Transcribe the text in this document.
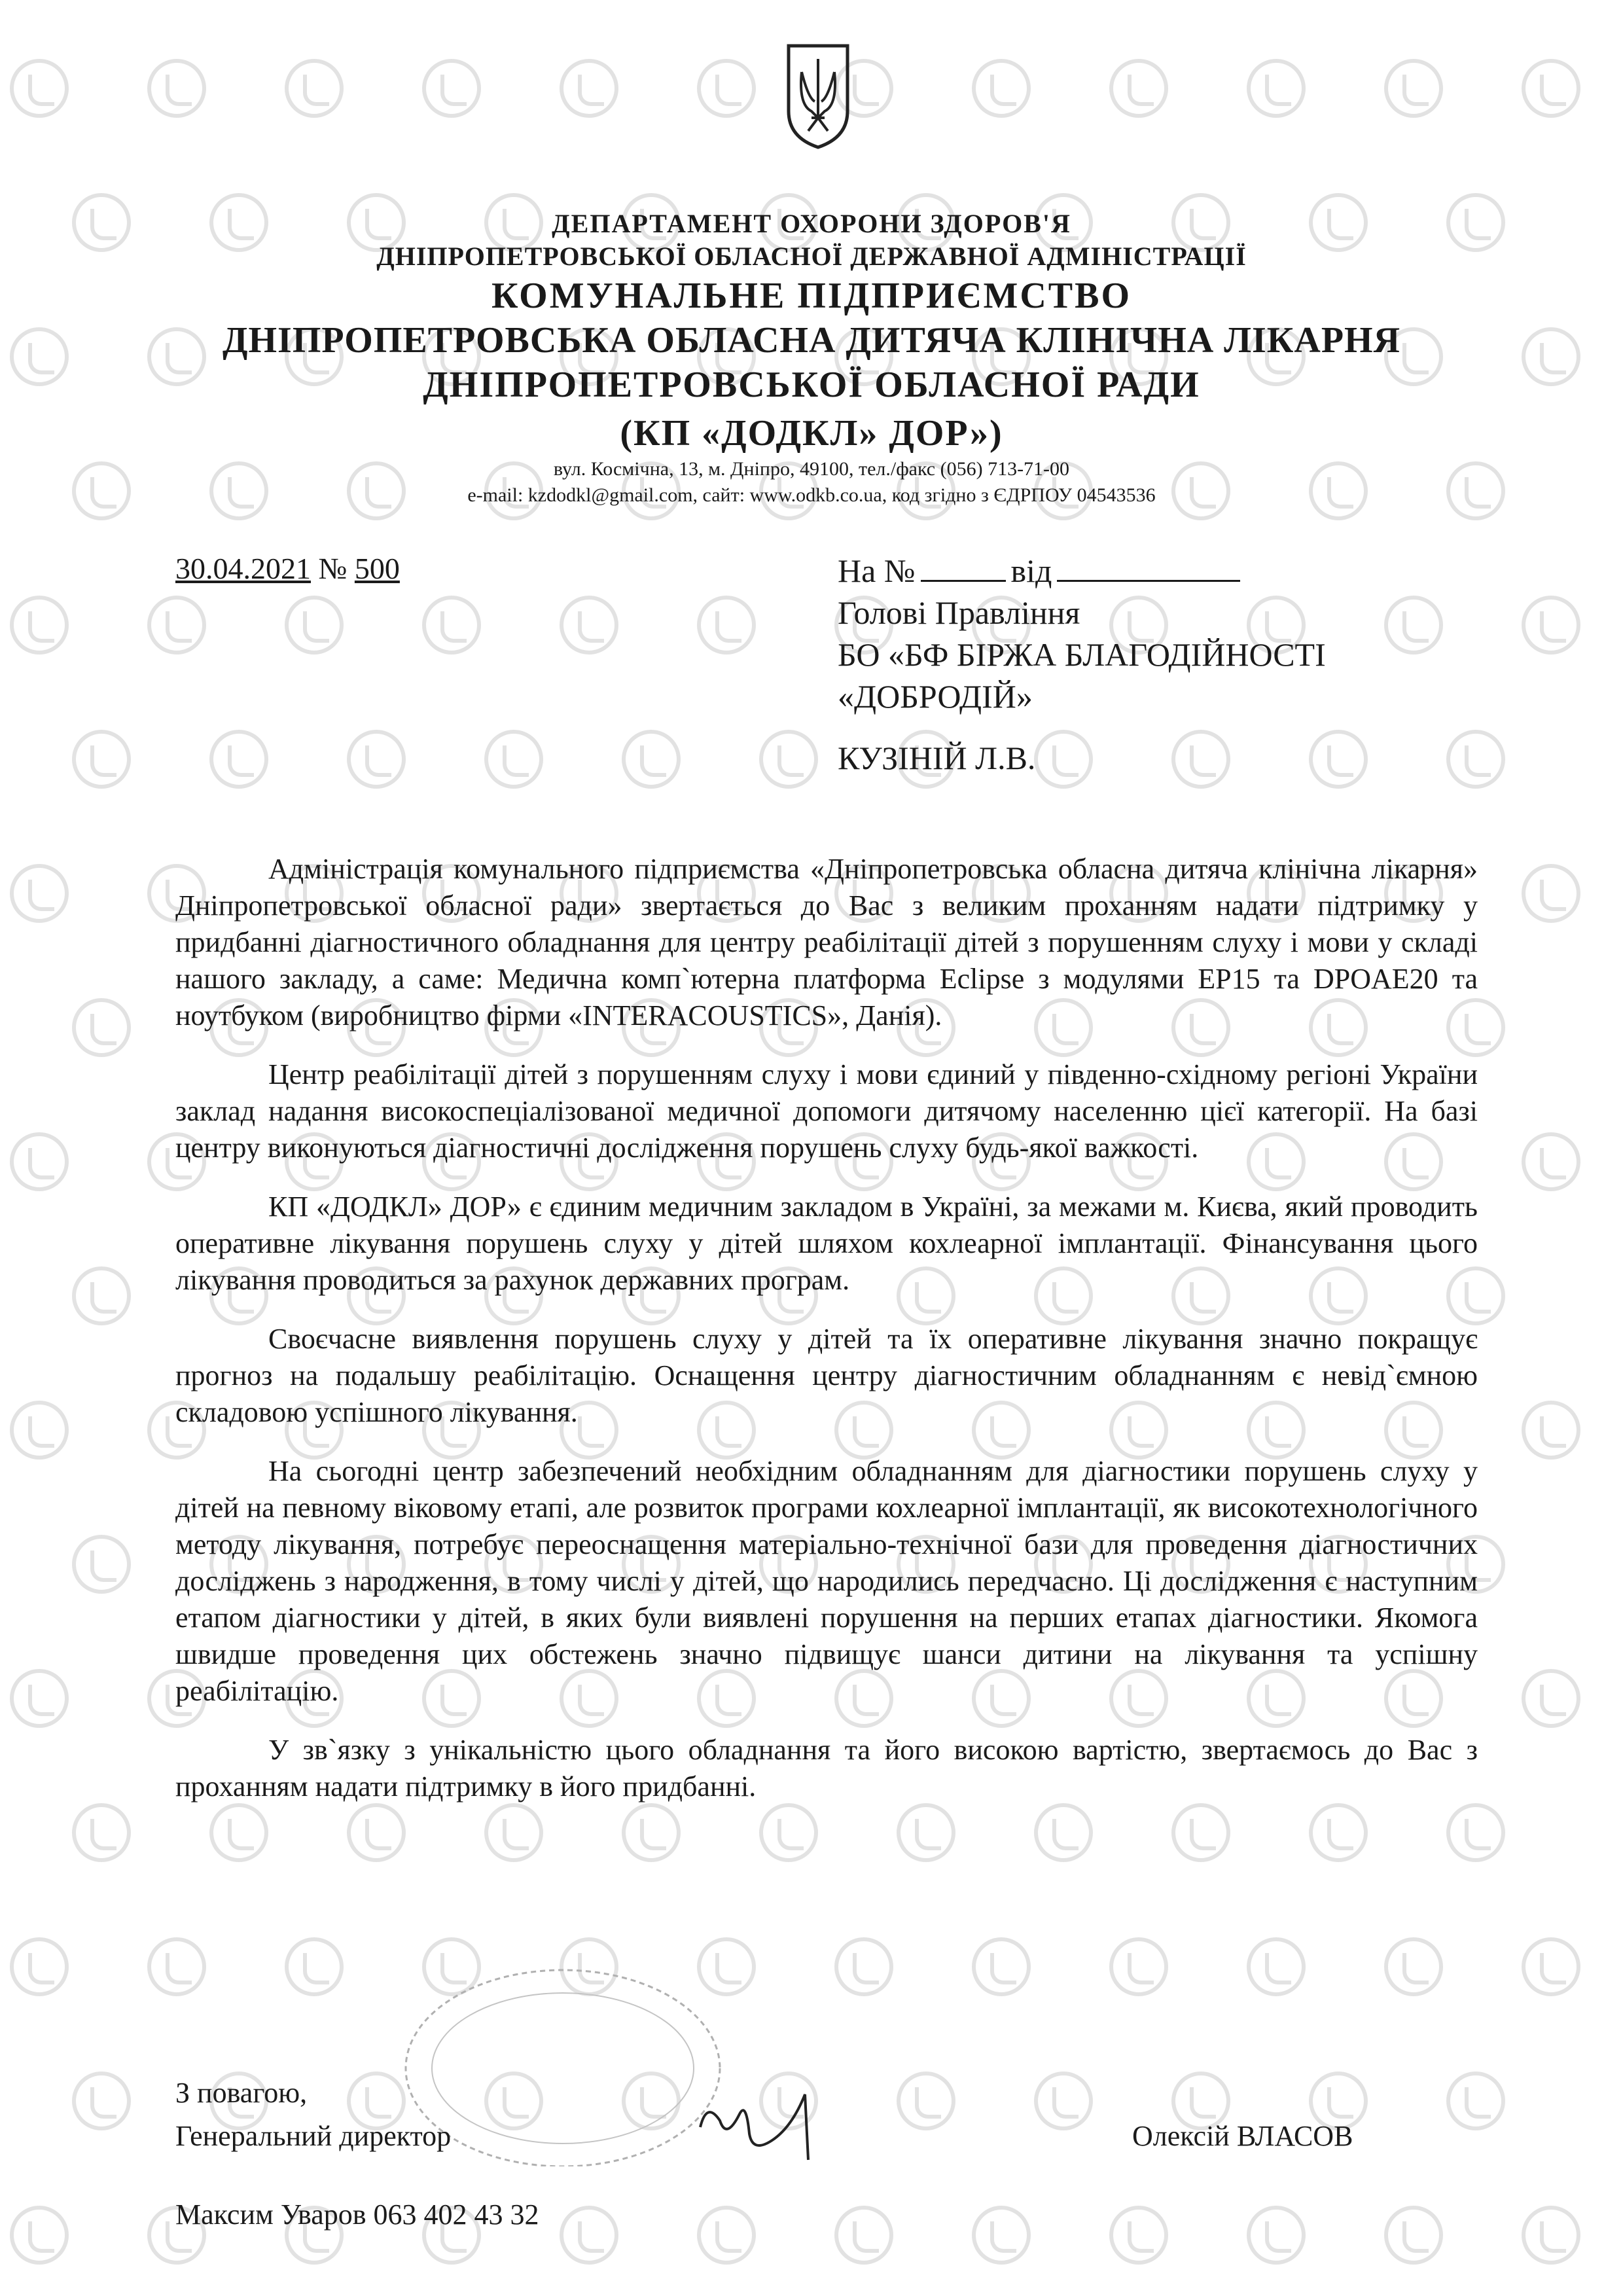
ДЕПАРТАМЕНТ ОХОРОНИ ЗДОРОВ'Я
ДНІПРОПЕТРОВСЬКОЇ ОБЛАСНОЇ ДЕРЖАВНОЇ АДМІНІСТРАЦІЇ
КОМУНАЛЬНЕ ПІДПРИЄМСТВО
ДНІПРОПЕТРОВСЬКА ОБЛАСНА ДИТЯЧА КЛІНІЧНА ЛІКАРНЯ
ДНІПРОПЕТРОВСЬКОЇ ОБЛАСНОЇ РАДИ
(КП «ДОДКЛ» ДОР»)
вул. Космічна, 13, м. Дніпро, 49100, тел./факс (056) 713-71-00
e-mail: kzdodkl@gmail.com, сайт: www.odkb.co.ua, код згідно з ЄДРПОУ 04543536
30.04.2021 № 500	На №	від
Голові Правління
БО «БФ БІРЖА БЛАГОДІЙНОСТІ
«ДОБРОДІЙ»
КУЗІНІЙ Л.В.

Адміністрація комунального підприємства «Дніпропетровська обласна дитяча клінічна лікарня» Дніпропетровської обласної ради» звертається до Вас з великим проханням надати підтримку у придбанні діагностичного обладнання для центру реабілітації дітей з порушенням слуху і мови у складі нашого закладу, а саме: Медична комп`ютерна платформа Eclipse з модулями EP15 та DPOAE20 та ноутбуком (виробництво фірми «INTERACOUSTICS», Данія).

Центр реабілітації дітей з порушенням слуху і мови єдиний у південно-східному регіоні України заклад надання високоспеціалізованої медичної допомоги дитячому населенню цієї категорії. На базі центру виконуються діагностичні дослідження порушень слуху будь-якої важкості.

КП «ДОДКЛ» ДОР» є єдиним медичним закладом в Україні, за межами м. Києва, який проводить оперативне лікування порушень слуху у дітей шляхом кохлеарної імплантації. Фінансування цього лікування проводиться за рахунок державних програм.

Своєчасне виявлення порушень слуху у дітей та їх оперативне лікування значно покращує прогноз на подальшу реабілітацію. Оснащення центру діагностичним обладнанням є невід`ємною складовою успішного лікування.

На сьогодні центр забезпечений необхідним обладнанням для діагностики порушень слуху у дітей на певному віковому етапі, але розвиток програми кохлеарної імплантації, як високотехнологічного методу лікування, потребує переоснащення матеріально-технічної бази для проведення діагностичних досліджень з народження, в тому числі у дітей, що народились передчасно. Ці дослідження є наступним етапом діагностики у дітей, в яких були виявлені порушення на перших етапах діагностики. Якомога швидше проведення цих обстежень значно підвищує шанси дитини на лікування та успішну реабілітацію.

У зв`язку з унікальністю цього обладнання та його високою вартістю, звертаємось до Вас з проханням надати підтримку в його придбанні.

З повагою,
Генеральний директор	Олексій ВЛАСОВ
Максим Уваров 063 402 43 32
